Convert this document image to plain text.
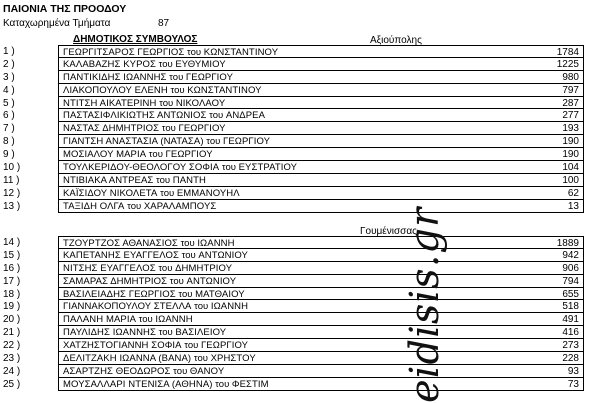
ΠΑΙΟΝΙΑ ΤΗΣ ΠΡΟΟΔΟΥ
Καταχωρημένα Τμήματα	87
ΔΗΜΟΤΙΚΟΣ ΣΥΜΒΟΥΛΟΣ	Αξιούπολης
Γουμένισσας
1 )	ΓΕΩΡΓΙΤΣΑΡΟΣ ΓΕΩΡΓΙΟΣ του ΚΩΝΣΤΑΝΤΙΝΟΥ	1784
2 )	ΚΑΛΑΒΑΖΗΣ ΚΥΡΟΣ του ΕΥΘΥΜΙΟΥ	1225
3 )	ΠΑΝΤΙΚΙΔΗΣ ΙΩΑΝΝΗΣ του ΓΕΩΡΓΙΟΥ	980
4 )	ΛΙΑΚΟΠΟΥΛΟΥ ΕΛΕΝΗ του ΚΩΝΣΤΑΝΤΙΝΟΥ	797
5 )	ΝΤΙΤΣΗ ΑΙΚΑΤΕΡΙΝΗ του ΝΙΚΟΛΑΟΥ	287
6 )	ΠΑΣΤΑΣΙΦΛΙΚΙΩΤΗΣ ΑΝΤΩΝΙΟΣ του ΑΝΔΡΕΑ	277
7 )	ΝΑΣΤΑΣ ΔΗΜΗΤΡΙΟΣ του ΓΕΩΡΓΙΟΥ	193
8 )	ΓΙΑΝΤΣΗ ΑΝΑΣΤΑΣΙΑ (ΝΑΤΑΣΑ) του ΓΕΩΡΓΙΟΥ	190
9 )	ΜΟΣΙΑΛΟΥ ΜΑΡΙΑ του ΓΕΩΡΓΙΟΥ	190
10 )	ΤΟΥΛΚΕΡΙΔΟΥ-ΘΕΟΛΟΓΟΥ ΣΟΦΙΑ του ΕΥΣΤΡΑΤΙΟΥ	104
11 )	ΝΤΙΒΙΑΚΑ ΑΝΤΡΕΑΣ του ΠΑΝΤΗ	100
12 )	ΚΑΪΣΙΔΟΥ ΝΙΚΟΛΕΤΑ του ΕΜΜΑΝΟΥΗΛ	62
13 )	ΤΑΞΙΔΗ ΟΛΓΑ του ΧΑΡΑΛΑΜΠΟΥΣ	13
14 )	ΤΖΟΥΡΤΖΟΣ ΑΘΑΝΑΣΙΟΣ του ΙΩΑΝΝΗ	1889
15 )	ΚΑΠΕΤΑΝΗΣ ΕΥΑΓΓΕΛΟΣ του ΑΝΤΩΝΙΟΥ	942
16 )	ΝΙΤΣΗΣ ΕΥΑΓΓΕΛΟΣ του ΔΗΜΗΤΡΙΟΥ	906
17 )	ΣΑΜΑΡΑΣ ΔΗΜΗΤΡΙΟΣ του ΑΝΤΩΝΙΟΥ	794
18 )	ΒΑΣΙΛΕΙΑΔΗΣ ΓΕΩΡΓΙΟΣ του ΜΑΤΘΑΙΟΥ	655
19 )	ΓΙΑΝΝΑΚΟΠΟΥΛΟΥ ΣΤΕΛΛΑ του ΙΩΑΝΝΗ	518
20 )	ΠΑΛΑΝΗ ΜΑΡΙΑ του ΙΩΑΝΝΗ	491
21 )	ΠΑΥΛΙΔΗΣ ΙΩΑΝΝΗΣ του ΒΑΣΙΛΕΙΟΥ	416
22 )	ΧΑΤΖΗΣΤΟΓΙΑΝΝΗ ΣΟΦΙΑ του ΓΕΩΡΓΙΟΥ	273
23 )	ΔΕΛΙΤΖΑΚΗ ΙΩΑΝΝΑ (ΒΑΝΑ) του ΧΡΗΣΤΟΥ	228
24 )	ΑΣΑΡΤΖΗΣ ΘΕΟΔΩΡΟΣ του ΘΑΝΟΥ	93
25 )	ΜΟΥΣΑΛΛΑΡΙ ΝΤΕΝΙΣΑ (ΑΘΗΝΑ) του ΦΕΣΤΙΜ	73
eidisis.gr
